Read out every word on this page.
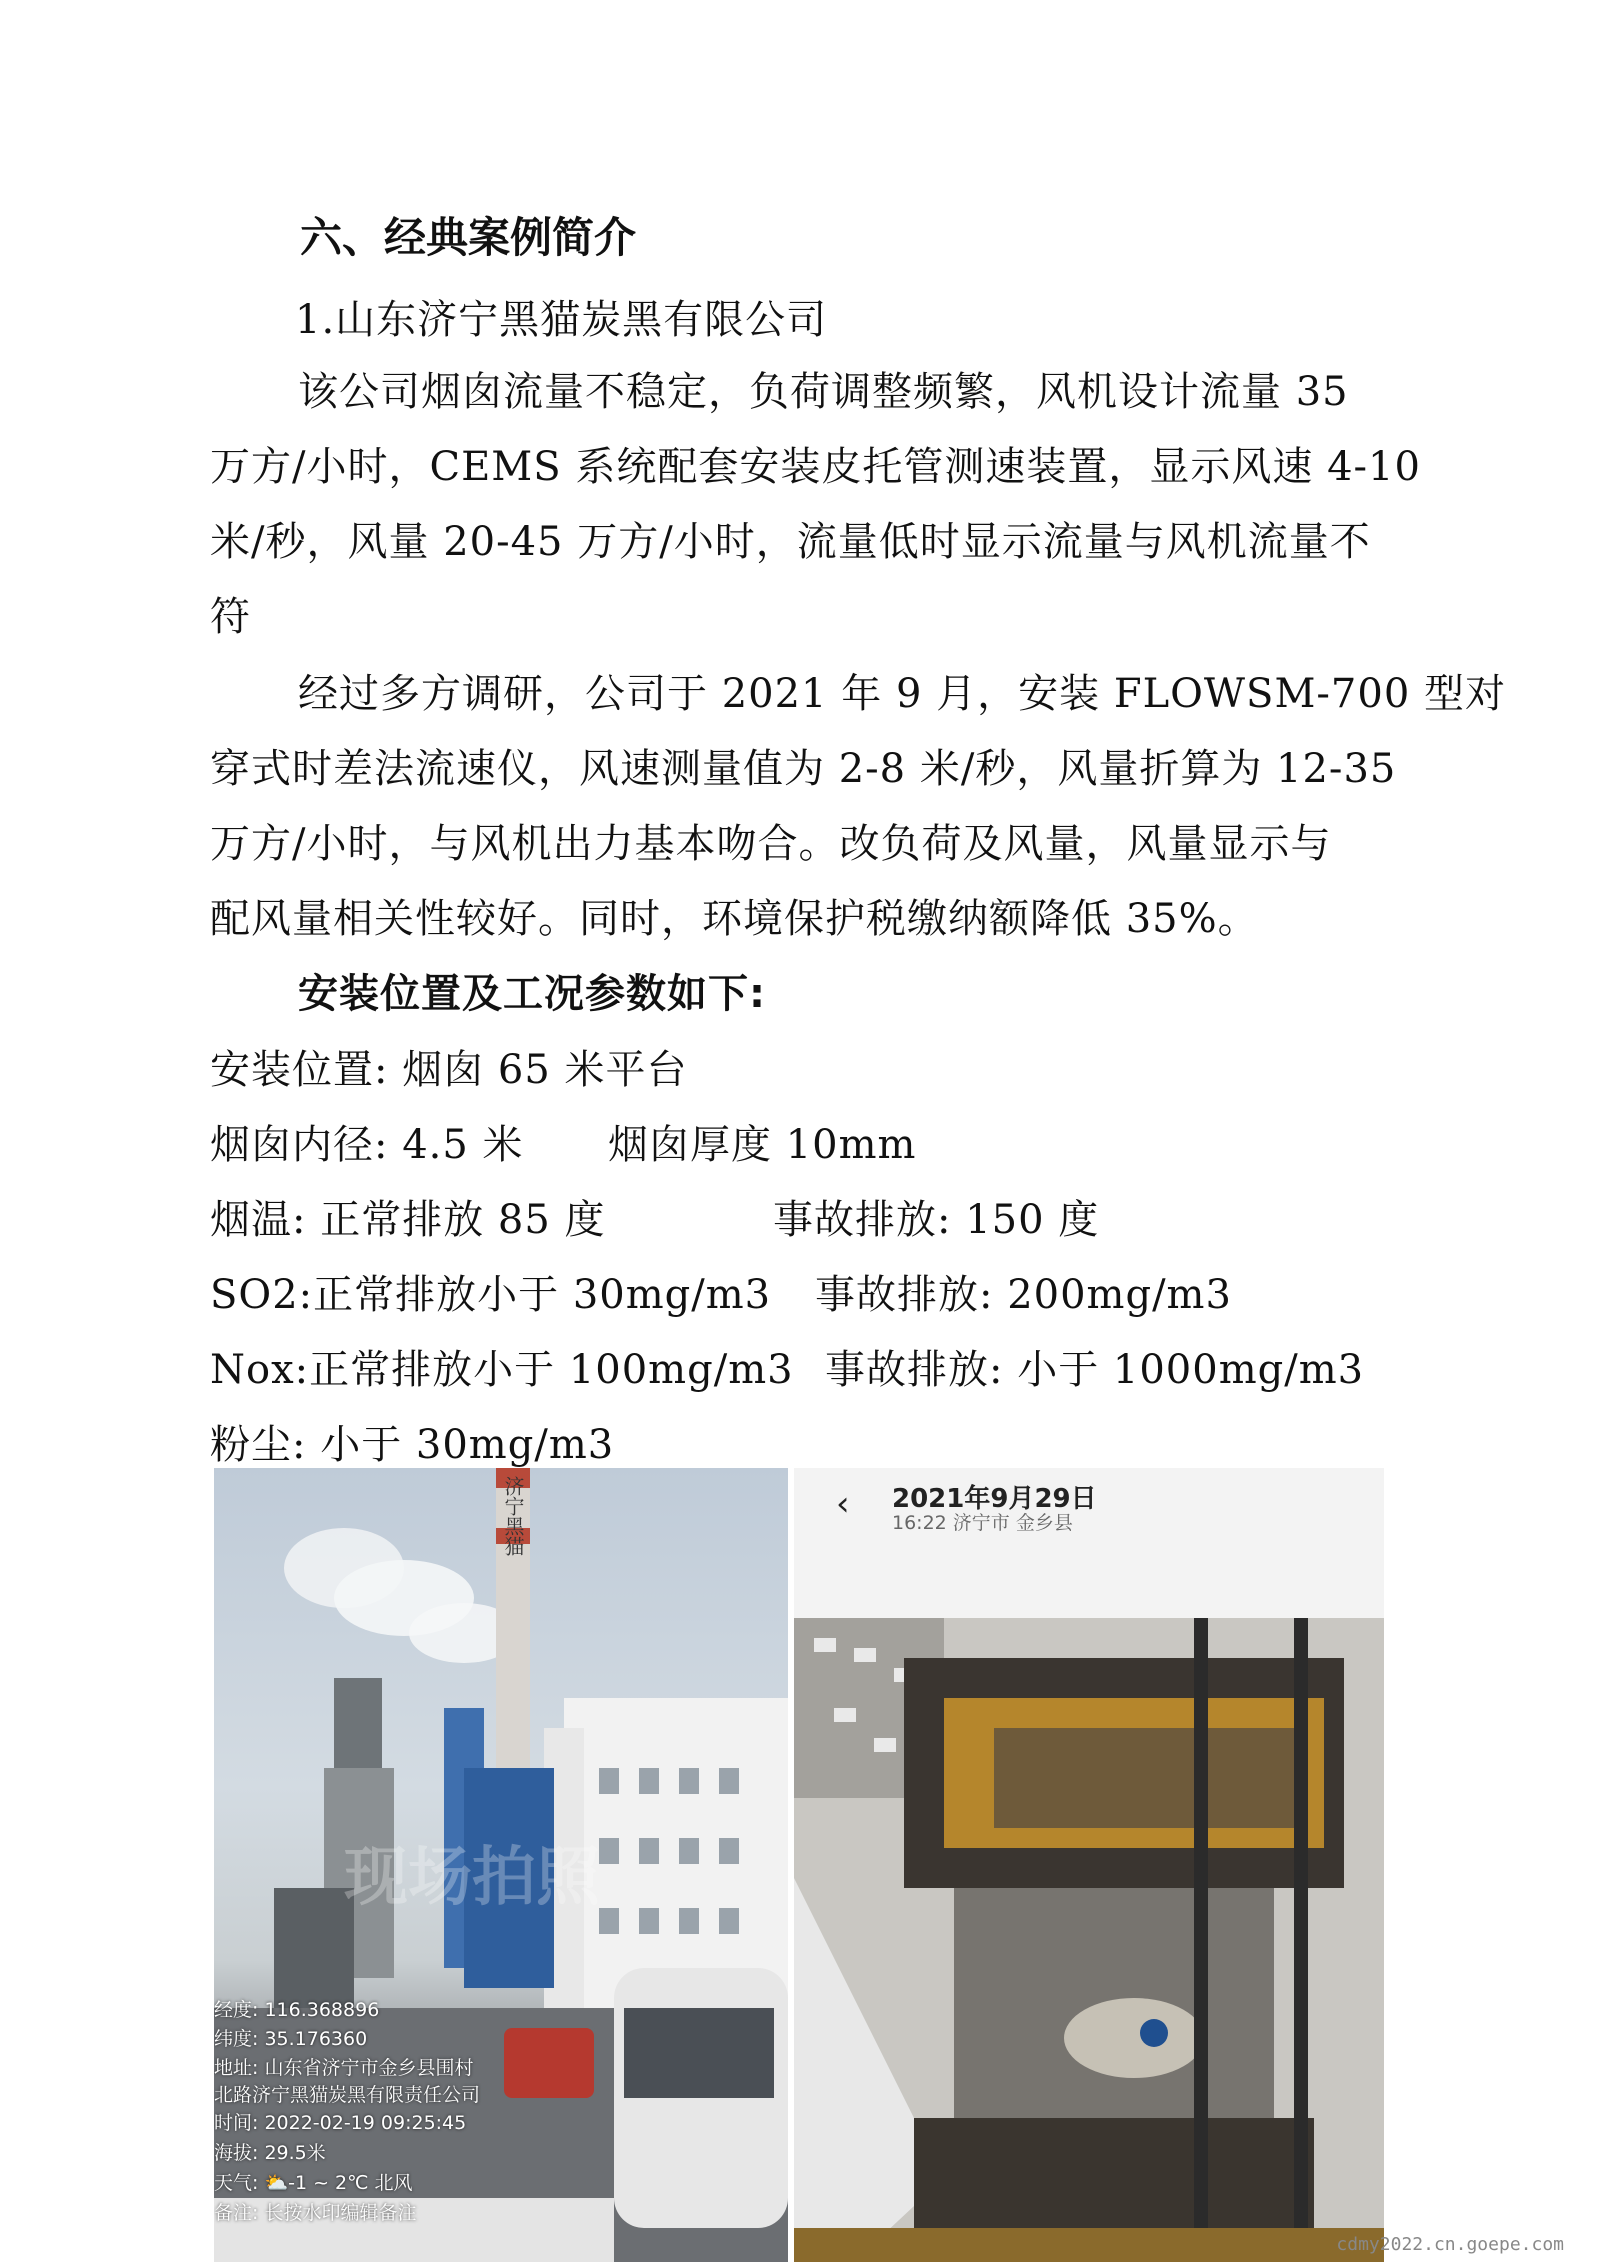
六、经典案例简介
1.山东济宁黑猫炭黑有限公司
该公司烟囱流量不稳定，负荷调整频繁，风机设计流量 35
万方/小时，CEMS 系统配套安装皮托管测速装置，显示风速 4-10
米/秒，风量 20-45 万方/小时，流量低时显示流量与风机流量不
符
经过多方调研，公司于 2021 年 9 月，安装 FLOWSM-700 型对
穿式时差法流速仪，风速测量值为 2-8 米/秒，风量折算为 12-35
万方/小时，与风机出力基本吻合。改负荷及风量，风量显示与
配风量相关性较好。同时，环境保护税缴纳额降低 35%。
安装位置及工况参数如下:
安装位置: 烟囱 65 米平台
烟囱内径: 4.5 米 烟囱厚度 10mm
烟温: 正常排放 85 度	事故排放: 150 度
SO2:正常排放小于 30mg/m3 事故排放: 200mg/m3
Nox:正常排放小于 100mg/m3 事故排放: 小于 1000mg/m3
粉尘: 小于 30mg/m3
济宁黑猫
现场拍照
经度: 116.368896
纬度: 35.176360
地址: 山东省济宁市金乡县围村
北路济宁黑猫炭黑有限责任公司
时间: 2022-02-19 09:25:45
海拔: 29.5米
天气: ⛅-1 ~ 2℃ 北风
备注: 长按水印编辑备注
‹ 2021年9月29日
16:22 济宁市 金乡县
cdmy2022.cn.goepe.com
